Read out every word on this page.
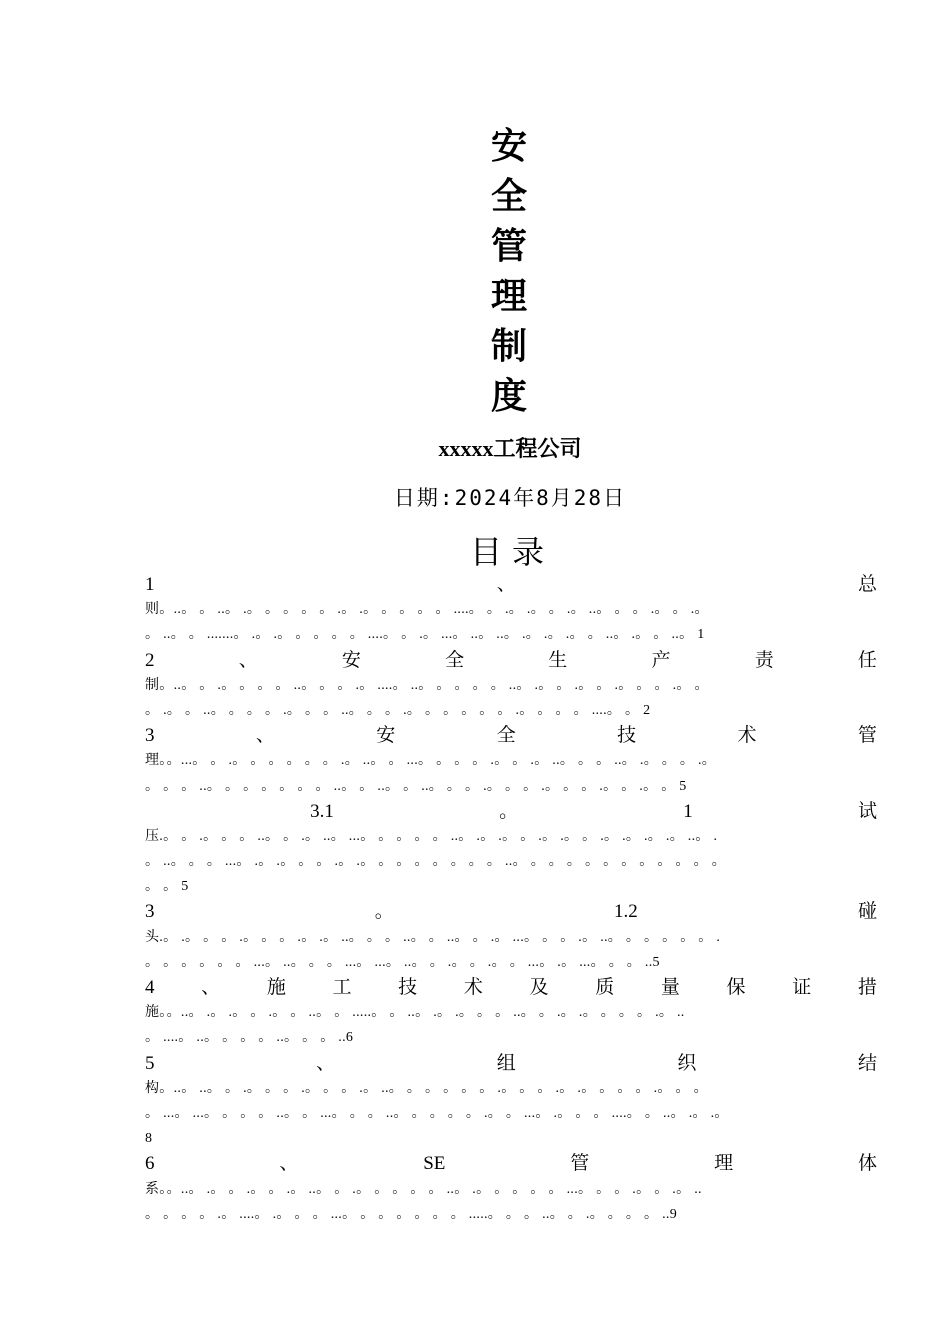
安
全
管
理
制
度
xxxxx工程公司
日期:2024年8月28日
目录
1	、	总
则。..。 。 ..。 .。 。 。 。 。 .。 .。 。 。 。 。 ....。 。 .。 .。 。 .。 ..。 。 。 .。 。 .。
。 ..。 。 .......。 .。 .。 。 。 。 。 ....。 。 .。 ...。 ..。 ..。 .。 .。 .。 。 ..。 .。 。 ..。 1
2	、	安	全	生	产	责	任
制。..。 。 .。 。 。 。 ..。 。 。 .。 ....。 ..。 。 。 。 。 ..。 .。 。 .。 。 .。 。 。 .。 。
。 .。 。 ..。 。 。 。 .。 。 。 ..。 。 。 .。 。 。 。 。 。 .。 。 。 。 ....。 。 2
3	、	安	全	技	术	管
理。。...。 。 .。 。 。 。 。 。 .。 ..。 。 ...。 。 。 。 .。 。 .。 ..。 。 。 ..。 .。 。 。 .。
。 。 。 ..。 。 。 。 。 。 。 ..。 。 ..。 。 ..。 。 。 .。 。 。 .。 。 。 .。 。 .。 。 5
3.1	。	1	试
压.。 。 .。 。 。 ..。 。 .。 ..。 ...。 。 。 。 。 ..。 .。 .。 。 .。 .。 。 .。 .。 .。 .。 ..。 .
。 ..。 。 。 ...。 .。 .。 。 。 .。 .。 。 。 。 。 。 。 。 ..。 。 。 。 。 。 。 。 。 。 。 。
。 。 5
3	。	1.2	碰
头.。 .。 。 。 .。 。 。 .。 .。 ..。 。 。 ..。 。 ..。 。 .。 ...。 。 。 .。 ..。 。 。 。 。 。 .
。 。 。 。 。 。 ...。 ..。 。 。 ...。 ...。 ..。 。 .。 。 .。 。 ...。 .。 ...。 。 。 ..5
4 、 施 工 技 术 及 质 量 保 证 措
施。。..。 .。 .。 。 .。 。 ..。 。 .....。 。 ..。 .。 .。 。 。 ..。 。 .。 .。 。 。 。 .。 ..
。 ....。 ..。 。 。 。 ..。 。 。 ..6
5	、	组	织	结
构。..。 ..。 。 .。 。 。 .。 。 。 .。 ..。 。 。 。 。 。 .。 。 。 .。 .。 。 。 。 .。 。 。
。 ...。 ...。 。 。 。 ..。 。 ...。 。 。 ..。 。 。 。 。 .。 。 ...。 .。 。 。 ....。 。 ..。 .。 .。
8
6	、	SE	管	理	体
系。。..。 .。 。 .。 。 .。 ..。 。 .。 。 。 。 。 ..。 .。 。 。 。 。 ...。 。 。 .。 。 .。 ..
。 。 。 。 .。 ....。 .。 。 。 ...。 。 。 。 。 。 。 .....。 。 。 ..。 。 .。 。 。 。 ..9
